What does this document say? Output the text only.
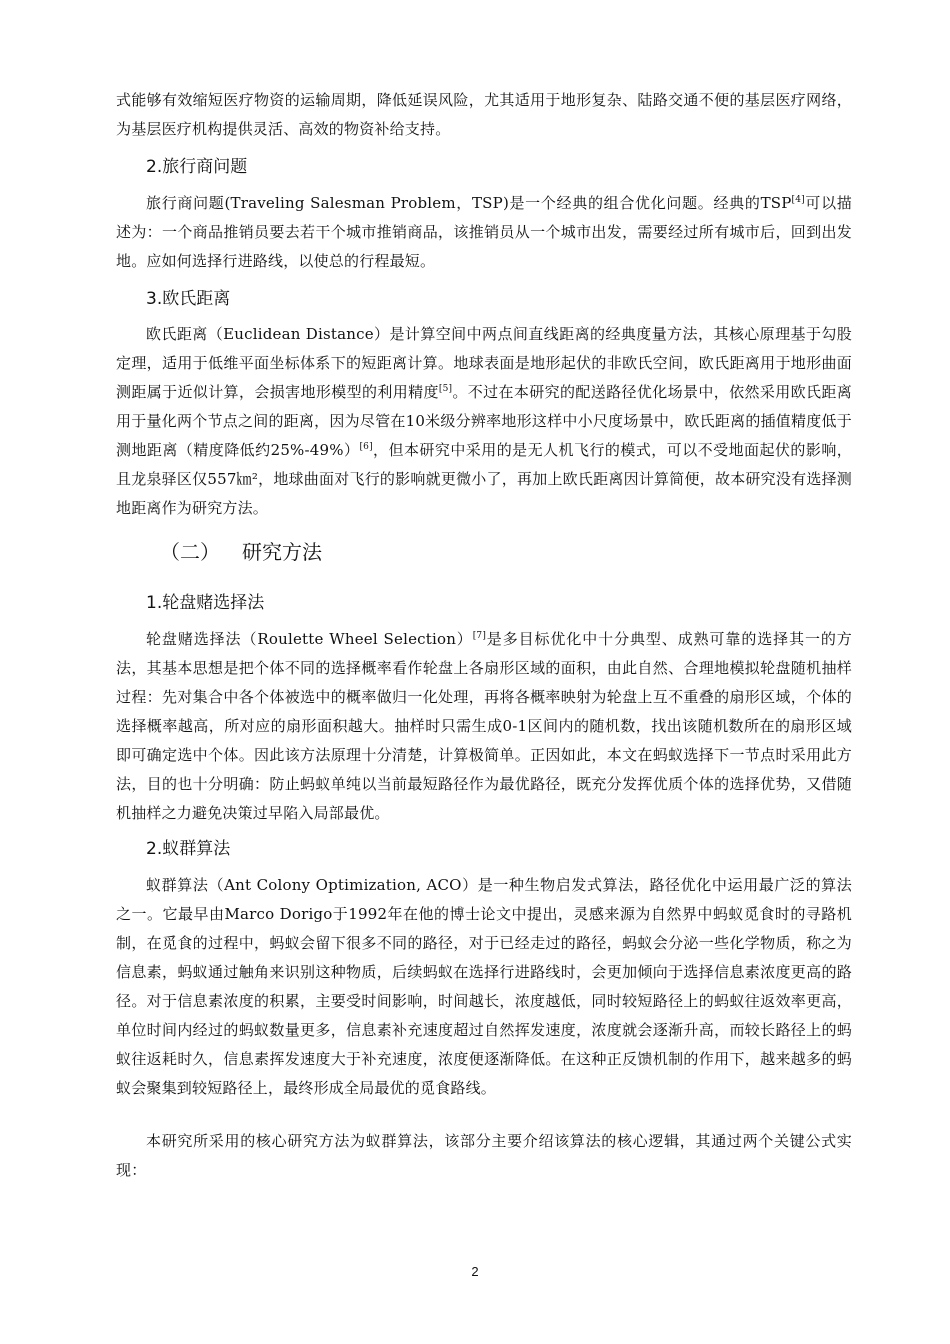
式能够有效缩短医疗物资的运输周期，降低延误风险，尤其适用于地形复杂、陆路交通不便的基层医疗网络，为基层医疗机构提供灵活、高效的物资补给支持。

2.旅行商问题

旅行商问题(Traveling Salesman Problem，TSP)是一个经典的组合优化问题。经典的TSP[4]可以描述为：一个商品推销员要去若干个城市推销商品，该推销员从一个城市出发，需要经过所有城市后，回到出发地。应如何选择行进路线，以使总的行程最短。

3.欧氏距离

欧氏距离（Euclidean Distance）是计算空间中两点间直线距离的经典度量方法，其核心原理基于勾股定理，适用于低维平面坐标体系下的短距离计算。地球表面是地形起伏的非欧氏空间，欧氏距离用于地形曲面测距属于近似计算，会损害地形模型的利用精度[5]。不过在本研究的配送路径优化场景中，依然采用欧氏距离用于量化两个节点之间的距离，因为尽管在10米级分辨率地形这样中小尺度场景中，欧氏距离的插值精度低于测地距离（精度降低约25%-49%）[6]，但本研究中采用的是无人机飞行的模式，可以不受地面起伏的影响，且龙泉驿区仅557㎞²，地球曲面对飞行的影响就更微小了，再加上欧氏距离因计算简便，故本研究没有选择测地距离作为研究方法。

（二） 研究方法
1.轮盘赌选择法

轮盘赌选择法（Roulette Wheel Selection）[7]是多目标优化中十分典型、成熟可靠的选择其一的方法，其基本思想是把个体不同的选择概率看作轮盘上各扇形区域的面积，由此自然、合理地模拟轮盘随机抽样过程：先对集合中各个体被选中的概率做归一化处理，再将各概率映射为轮盘上互不重叠的扇形区域，个体的选择概率越高，所对应的扇形面积越大。抽样时只需生成0-1区间内的随机数，找出该随机数所在的扇形区域即可确定选中个体。因此该方法原理十分清楚，计算极简单。正因如此，本文在蚂蚁选择下一节点时采用此方法，目的也十分明确：防止蚂蚁单纯以当前最短路径作为最优路径，既充分发挥优质个体的选择优势，又借随机抽样之力避免决策过早陷入局部最优。

2.蚁群算法

蚁群算法（Ant Colony Optimization, ACO）是一种生物启发式算法，路径优化中运用最广泛的算法之一。它最早由Marco Dorigo于1992年在他的博士论文中提出，灵感来源为自然界中蚂蚁觅食时的寻路机制，在觅食的过程中，蚂蚁会留下很多不同的路径，对于已经走过的路径，蚂蚁会分泌一些化学物质，称之为信息素，蚂蚁通过触角来识别这种物质，后续蚂蚁在选择行进路线时，会更加倾向于选择信息素浓度更高的路径。对于信息素浓度的积累，主要受时间影响，时间越长，浓度越低，同时较短路径上的蚂蚁往返效率更高，单位时间内经过的蚂蚁数量更多，信息素补充速度超过自然挥发速度，浓度就会逐渐升高，而较长路径上的蚂蚁往返耗时久，信息素挥发速度大于补充速度，浓度便逐渐降低。在这种正反馈机制的作用下，越来越多的蚂蚁会聚集到较短路径上，最终形成全局最优的觅食路线。

本研究所采用的核心研究方法为蚁群算法，该部分主要介绍该算法的核心逻辑，其通过两个关键公式实现：

2
